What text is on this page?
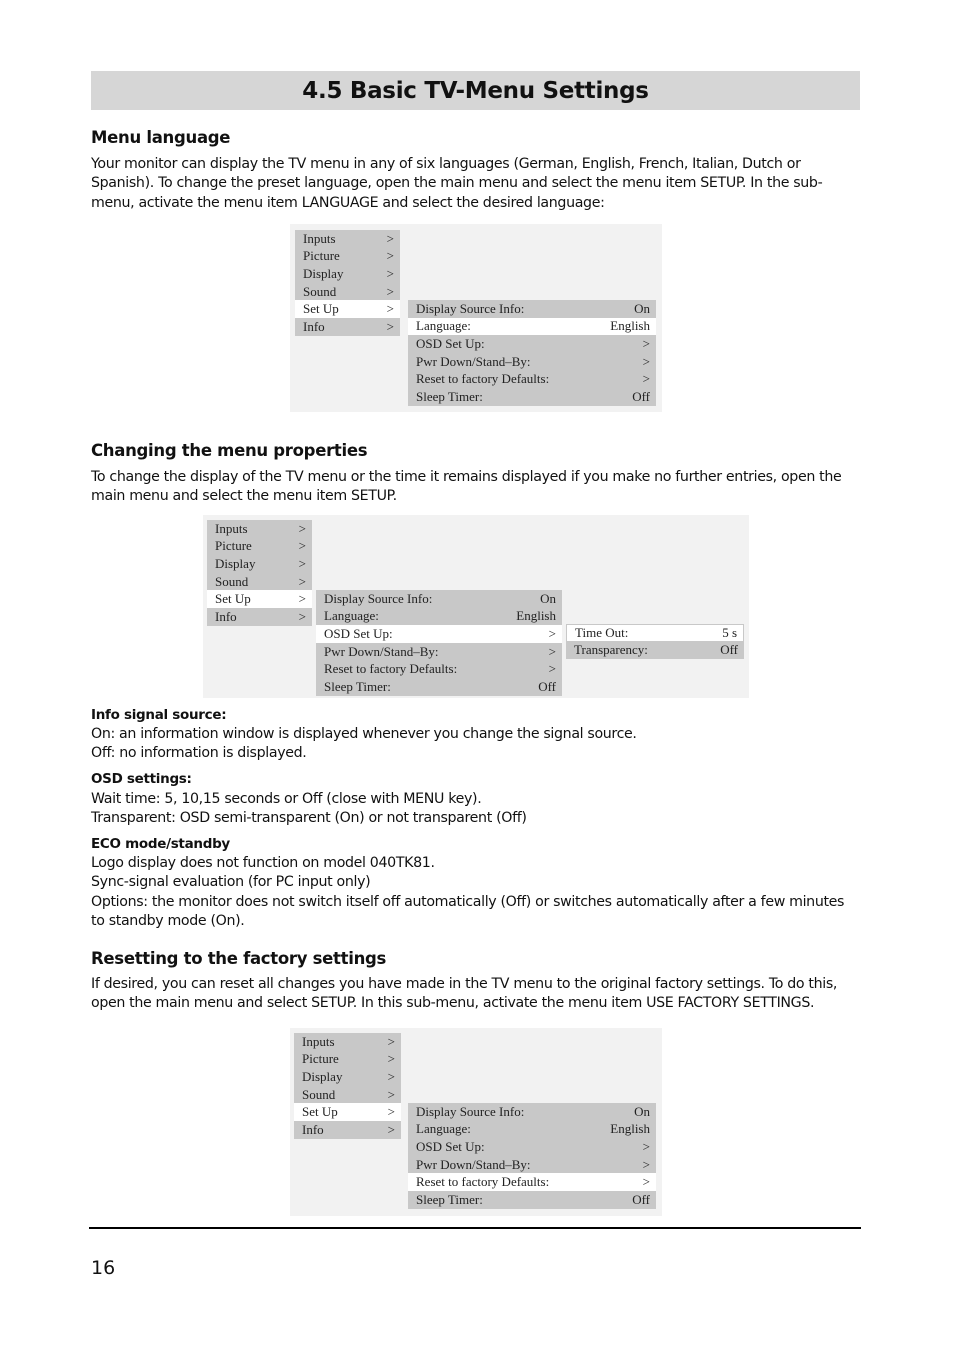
4.5 Basic TV-Menu Settings
Menu language

Your monitor can display the TV menu in any of six languages (German, English, French, Italian, Dutch or Spanish). To change the preset language, open the main menu and select the menu item SETUP. In the sub-menu, activate the menu item LANGUAGE and select the desired language:

Inputs	>
Picture	>
Display	>
Sound	>
Set Up	>
Info	>
Display Source Info:	On
Language:	English
OSD Set Up:	>
Pwr Down/Stand–By:	>
Reset to factory Defaults:	>
Sleep Timer:	Off
Changing the menu properties

To change the display of the TV menu or the time it remains displayed if you make no further entries, open the main menu and select the menu item SETUP.

Inputs	>
Picture	>
Display	>
Sound	>
Set Up	>
Info	>
Display Source Info:	On
Language:	English
OSD Set Up:	>
Pwr Down/Stand–By:	>
Reset to factory Defaults:	>
Sleep Timer:	Off
Time Out:	5 s
Transparency:	Off

Info signal source:

On: an information window is displayed whenever you change the signal source.

Off: no information is displayed.

OSD settings:

Wait time: 5, 10,15 seconds or Off (close with MENU key).

Transparent: OSD semi-transparent (On) or not transparent (Off)

ECO mode/standby

Logo display does not function on model 040TK81.

Sync-signal evaluation (for PC input only)

Options: the monitor does not switch itself off automatically (Off) or switches automatically after a few minutes to standby mode (On).

Resetting to the factory settings

If desired, you can reset all changes you have made in the TV menu to the original factory settings. To do this, open the main menu and select SETUP. In this sub-menu, activate the menu item USE FACTORY SETTINGS.

Inputs	>
Picture	>
Display	>
Sound	>
Set Up	>
Info	>
Display Source Info:	On
Language:	English
OSD Set Up:	>
Pwr Down/Stand–By:	>
Reset to factory Defaults:	>
Sleep Timer:	Off
16
